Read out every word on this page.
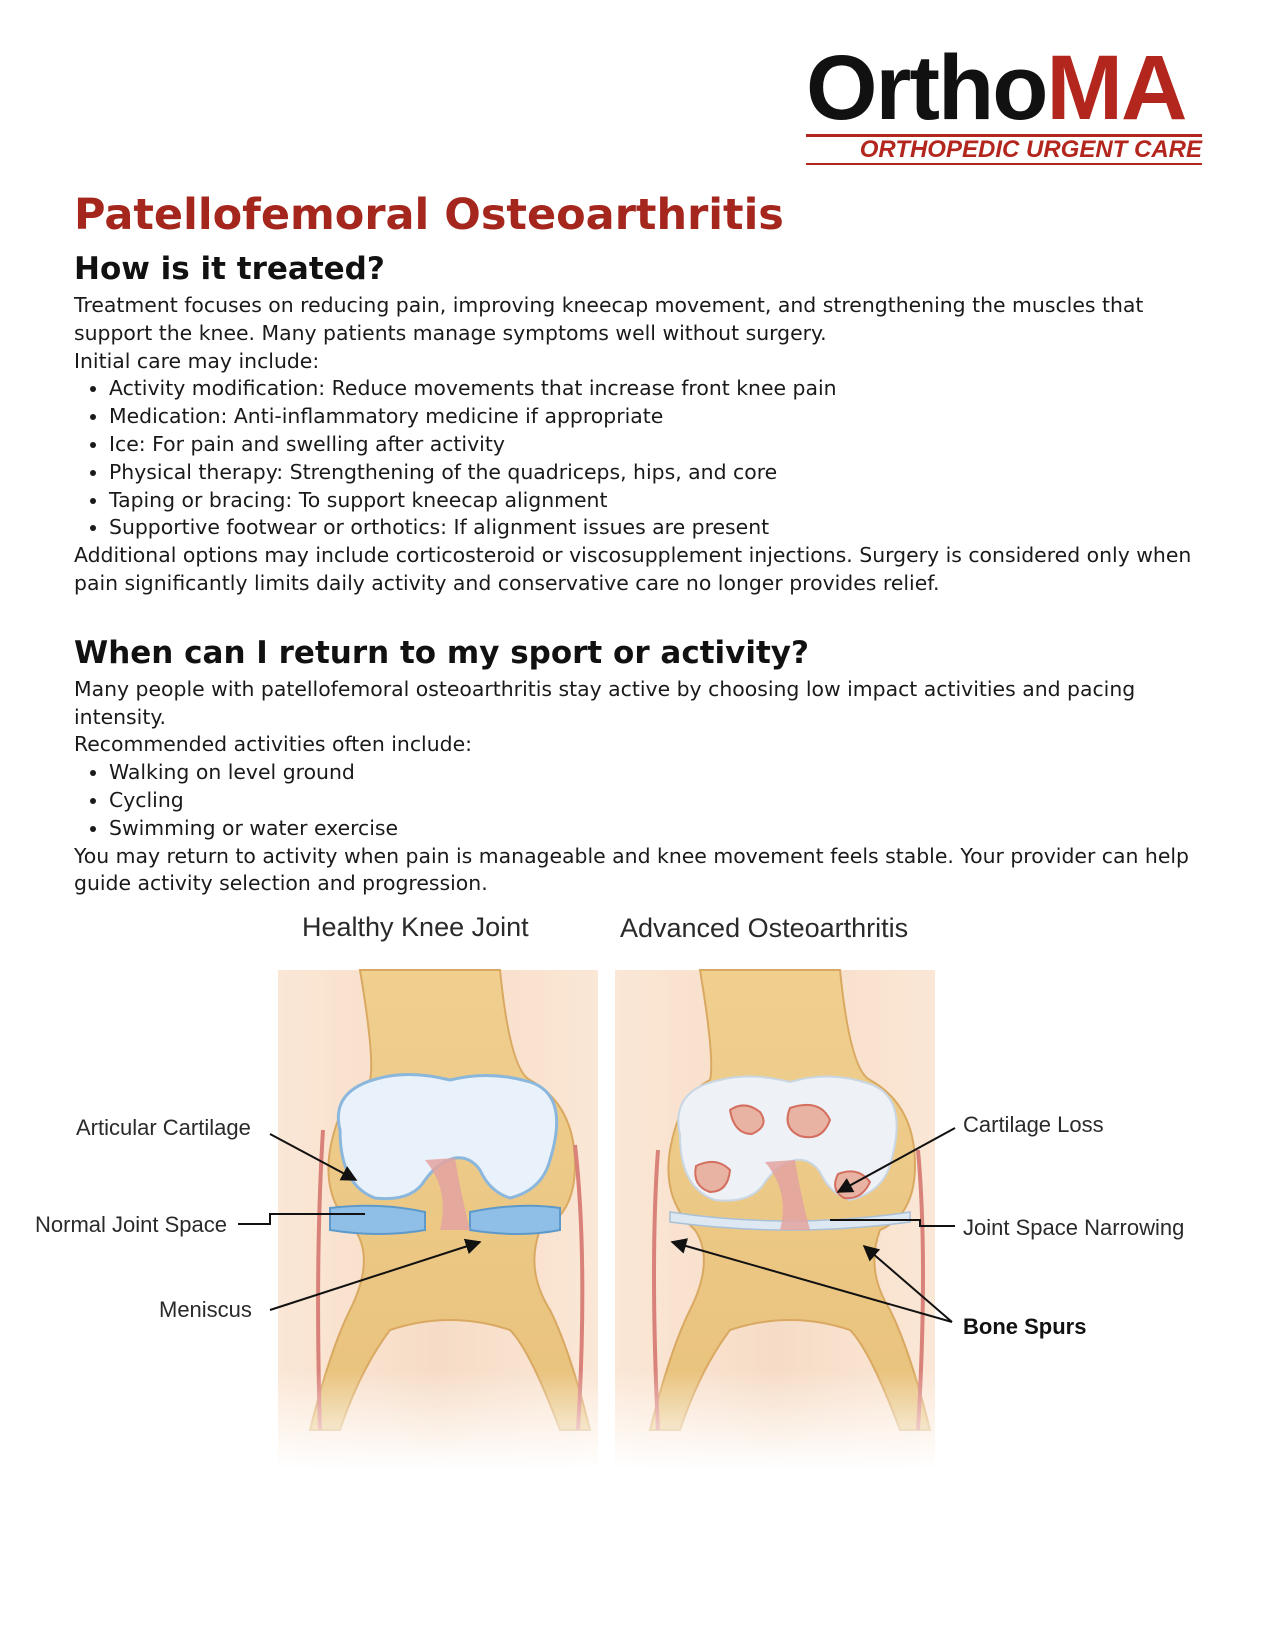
OrthoMA
ORTHOPEDIC URGENT CARE
Patellofemoral Osteoarthritis
How is it treated?

Treatment focuses on reducing pain, improving kneecap movement, and strengthening the muscles that support the knee. Many patients manage symptoms well without surgery.

Initial care may include:

• Activity modification: Reduce movements that increase front knee pain
• Medication: Anti-inflammatory medicine if appropriate
• Ice: For pain and swelling after activity
• Physical therapy: Strengthening of the quadriceps, hips, and core
• Taping or bracing: To support kneecap alignment
• Supportive footwear or orthotics: If alignment issues are present

Additional options may include corticosteroid or viscosupplement injections. Surgery is considered only when pain significantly limits daily activity and conservative care no longer provides relief.

When can I return to my sport or activity?

Many people with patellofemoral osteoarthritis stay active by choosing low impact activities and pacing intensity.

Recommended activities often include:

• Walking on level ground
• Cycling
• Swimming or water exercise

You may return to activity when pain is manageable and knee movement feels stable. Your provider can help guide activity selection and progression.

Healthy Knee Joint	Advanced Osteoarthritis
Articular Cartilage
Normal Joint Space
Meniscus
Cartilage Loss
Joint Space Narrowing
Bone Spurs
